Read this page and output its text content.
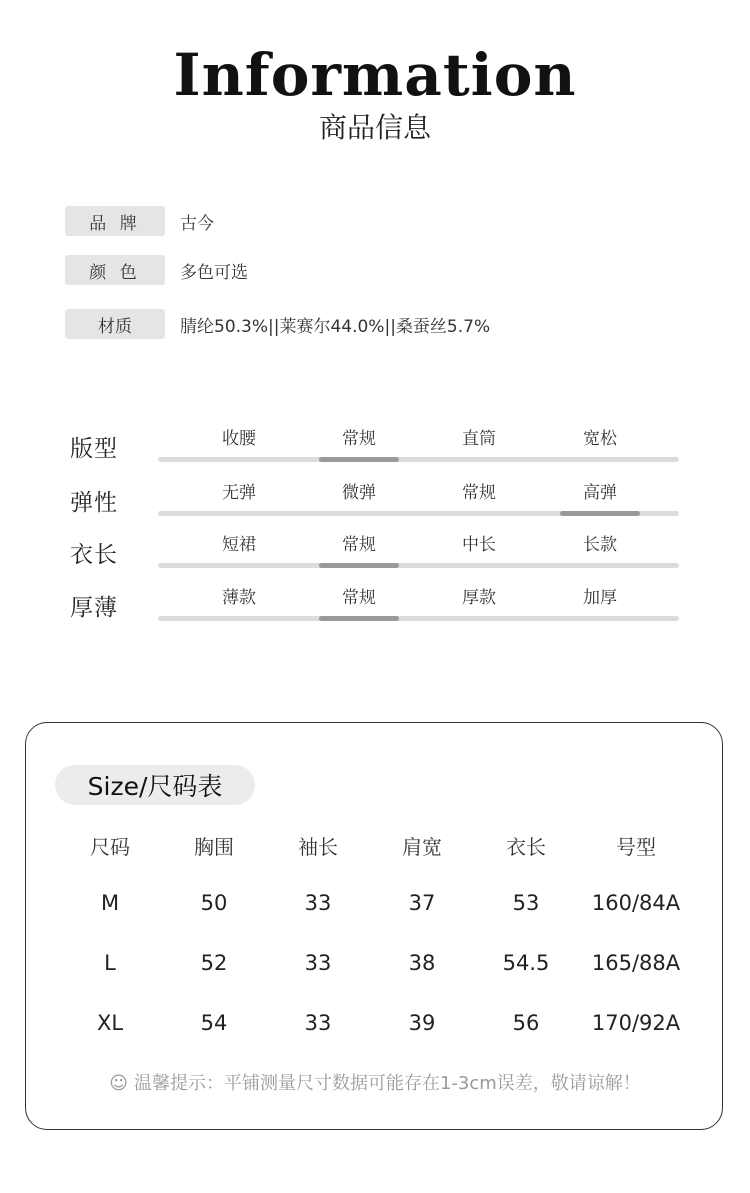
Information
商品信息
品 牌	古今
颜 色	多色可选
材质	腈纶50.3%||莱赛尔44.0%||桑蚕丝5.7%
版型	收腰	常规	直筒	宽松
弹性	无弹	微弹	常规	高弹
衣长	短裙	常规	中长	长款
厚薄	薄款	常规	厚款	加厚
Size/尺码表
尺码	胸围	袖长	肩宽	衣长	号型
M	50	33	37	53	160/84A
L	52	33	38	54.5	165/88A
XL	54	33	39	56	170/92A
☺ 温馨提示：平铺测量尺寸数据可能存在1-3cm误差，敬请谅解！
